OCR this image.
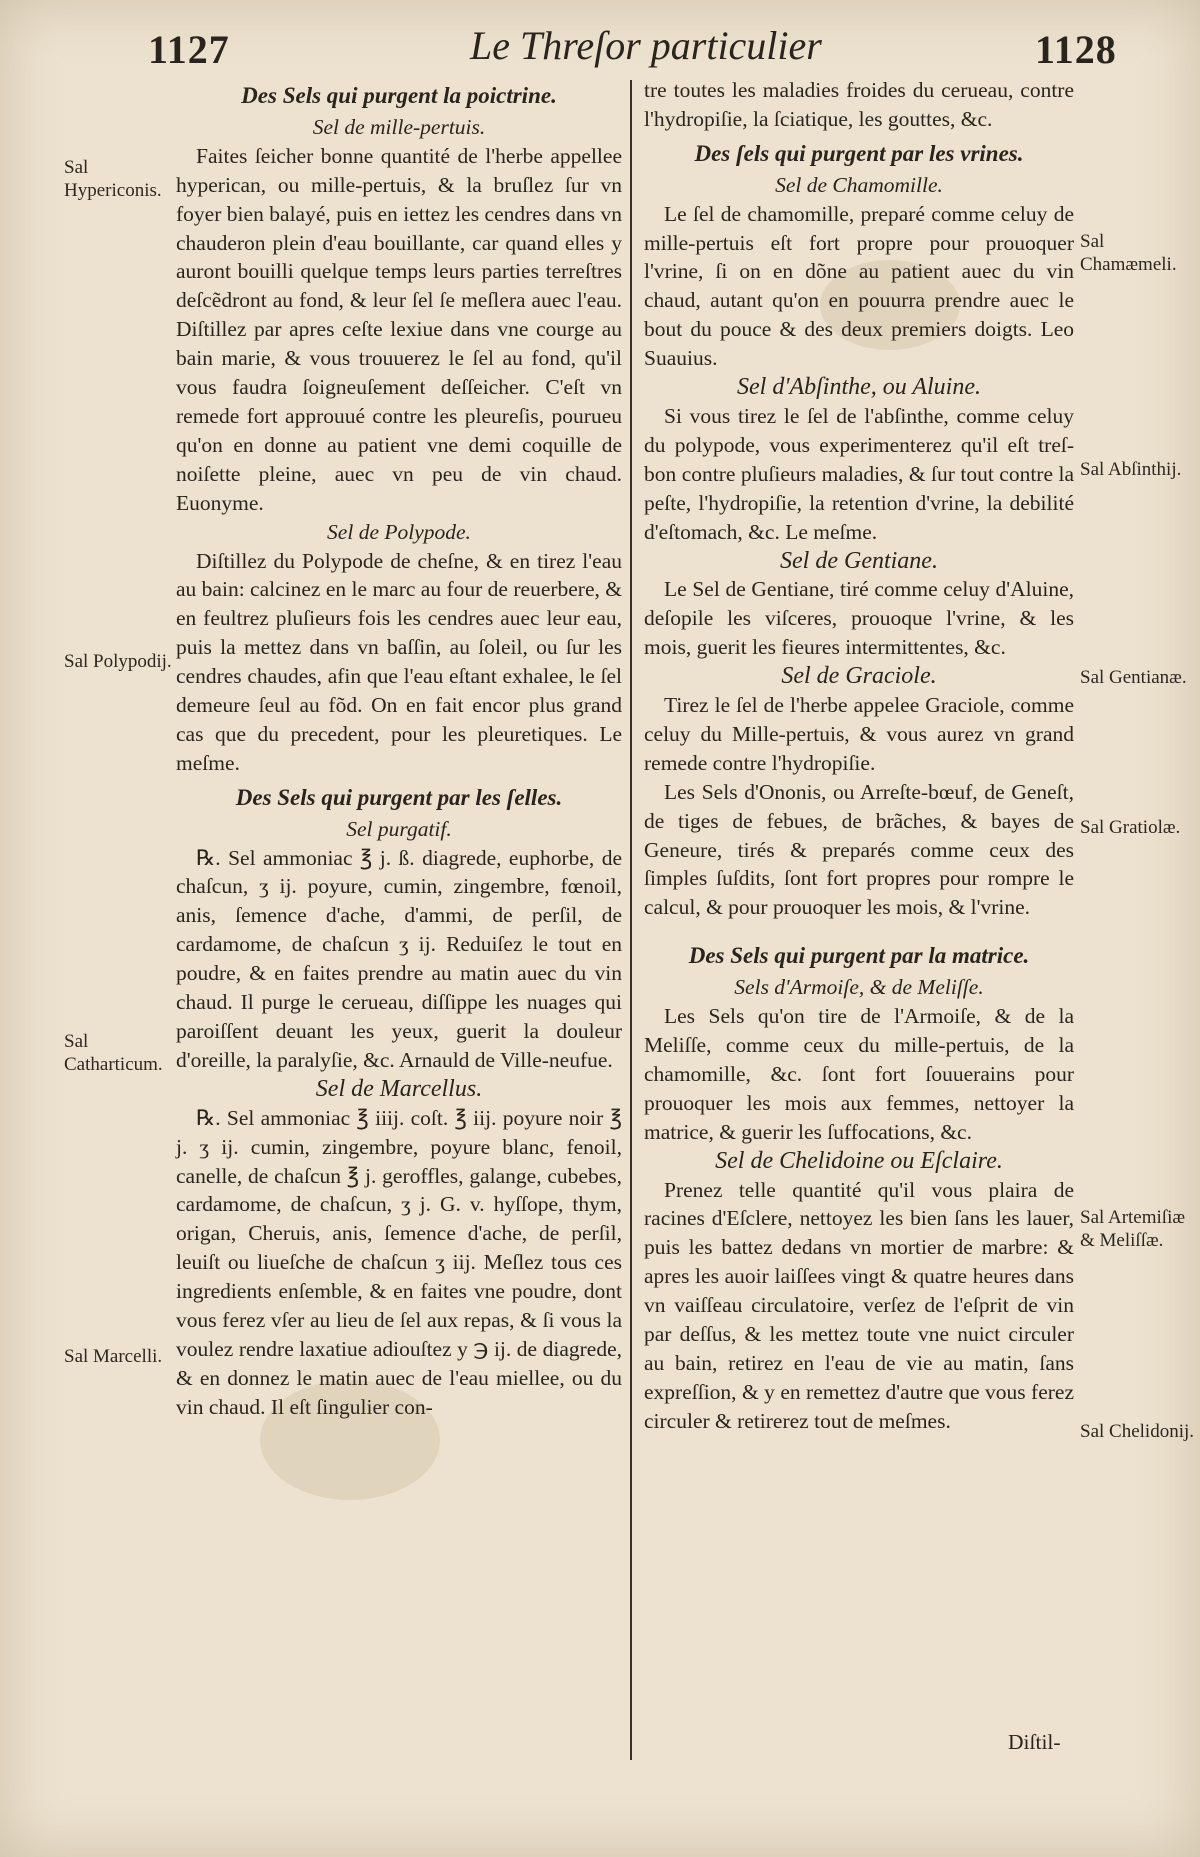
1127	Le Threſor particulier	1128
Des Sels qui purgent la poictrine.
Sel de mille-pertuis.

Faites ſeicher bonne quantité de l'herbe appellee hyperican, ou mille-pertuis, & la bruſlez ſur vn foyer bien balayé, puis en iettez les cendres dans vn chauderon plein d'eau bouillante, car quand elles y auront bouilli quelque temps leurs parties terreſtres deſcẽdront au fond, & leur ſel ſe meſlera auec l'eau. Diſtillez par apres ceſte lexiue dans vne courge au bain marie, & vous trouuerez le ſel au fond, qu'il vous faudra ſoigneuſement deſſeicher. C'eſt vn remede fort approuué contre les pleureſis, pourueu qu'on en donne au patient vne demi coquille de noiſette pleine, auec vn peu de vin chaud. Euonyme.

Sel de Polypode.

Diſtillez du Polypode de cheſne, & en tirez l'eau au bain: calcinez en le marc au four de reuerbere, & en feultrez pluſieurs fois les cendres auec leur eau, puis la mettez dans vn baſſin, au ſoleil, ou ſur les cendres chaudes, afin que l'eau eſtant exhalee, le ſel demeure ſeul au fõd. On en fait encor plus grand cas que du precedent, pour les pleuretiques. Le meſme.

Des Sels qui purgent par les ſelles.
Sel purgatif.

℞. Sel ammoniac ℥ j. ß. diagrede, euphorbe, de chaſcun, ʒ ij. poyure, cumin, zingembre, fœnoil, anis, ſemence d'ache, d'ammi, de perſil, de cardamome, de chaſcun ʒ ij. Reduiſez le tout en poudre, & en faites prendre au matin auec du vin chaud. Il purge le cerueau, diſſippe les nuages qui paroiſſent deuant les yeux, guerit la douleur d'oreille, la paralyſie, &c. Arnauld de Ville-neufue.

Sel de Marcellus.

℞. Sel ammoniac ℥ iiij. coſt. ℥ iij. poyure noir ℥ j. ʒ ij. cumin, zingembre, poyure blanc, fenoil, canelle, de chaſcun ℥ j. geroffles, galange, cubebes, cardamome, de chaſcun, ʒ j. G. v. hyſſope, thym, origan, Cheruis, anis, ſemence d'ache, de perſil, leuiſt ou liueſche de chaſcun ʒ iij. Meſlez tous ces ingredients enſemble, & en faites vne poudre, dont vous ferez vſer au lieu de ſel aux repas, & ſi vous la voulez rendre laxatiue adiouſtez y ℈ ij. de diagrede, & en donnez le matin auec de l'eau miellee, ou du vin chaud. Il eſt ſingulier con-

tre toutes les maladies froides du cerueau, contre l'hydropiſie, la ſciatique, les gouttes, &c.

Des ſels qui purgent par les vrines.
Sel de Chamomille.

Le ſel de chamomille, preparé comme celuy de mille-pertuis eſt fort propre pour prouoquer l'vrine, ſi on en dõne au patient auec du vin chaud, autant qu'on en pouurra prendre auec le bout du pouce & des deux premiers doigts. Leo Suauius.

Sel d'Abſinthe, ou Aluine.

Si vous tirez le ſel de l'abſinthe, comme celuy du polypode, vous experimenterez qu'il eſt treſ-bon contre pluſieurs maladies, & ſur tout contre la peſte, l'hydropiſie, la retention d'vrine, la debilité d'eſtomach, &c. Le meſme.

Sel de Gentiane.

Le Sel de Gentiane, tiré comme celuy d'Aluine, deſopile les viſceres, prouoque l'vrine, & les mois, guerit les fieures intermittentes, &c.

Sel de Graciole.

Tirez le ſel de l'herbe appelee Graciole, comme celuy du Mille-pertuis, & vous aurez vn grand remede contre l'hydropiſie.

Les Sels d'Ononis, ou Arreſte-bœuf, de Geneſt, de tiges de febues, de brãches, & bayes de Geneure, tirés & preparés comme ceux des ſimples ſuſdits, ſont fort propres pour rompre le calcul, & pour prouoquer les mois, & l'vrine.

Des Sels qui purgent par la matrice.
Sels d'Armoiſe, & de Meliſſe.

Les Sels qu'on tire de l'Armoiſe, & de la Meliſſe, comme ceux du mille-pertuis, de la chamomille, &c. ſont fort ſouuerains pour prouoquer les mois aux femmes, nettoyer la matrice, & guerir les ſuffocations, &c.

Sel de Chelidoine ou Eſclaire.

Prenez telle quantité qu'il vous plaira de racines d'Eſclere, nettoyez les bien ſans les lauer, puis les battez dedans vn mortier de marbre: & apres les auoir laiſſees vingt & quatre heures dans vn vaiſſeau circulatoire, verſez de l'eſprit de vin par deſſus, & les mettez toute vne nuict circuler au bain, retirez en l'eau de vie au matin, ſans expreſſion, & y en remettez d'autre que vous ferez circuler & retirerez tout de meſmes.

Sal Hypericonis.
Sal Polypodij.
Sal Catharticum.
Sal Marcelli.
Sal Chamæmeli.
Sal Abſinthij.
Sal Gentianæ.
Sal Gratiolæ.
Sal Artemiſiæ & Meliſſæ.
Sal Chelidonij.
Diſtil-
